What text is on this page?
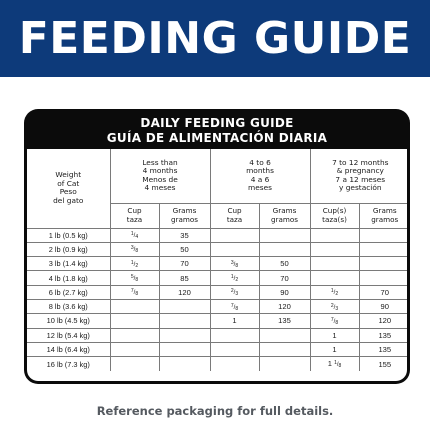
FEEDING GUIDE
DAILY FEEDING GUIDE
GUÍA DE ALIMENTACIÓN DIARIA
Weight
of Cat
Peso
del gato	Less than
4 months
Menos de
4 meses		4 to 6
months
4 a 6
meses		7 to 12 months
& pregnancy
7 a 12 meses
y gestación	

	Cup
taza	Grams
gramos	Cup
taza	Grams
gramos	Cup(s)
taza(s)	Grams
gramos
1 lb (0.5 kg)	$^1/_4$	35				
2 lb (0.9 kg)	$^3/_8$	50				
3 lb (1.4 kg)	$^1/_2$	70	$^3/_8$	50		
4 lb (1.8 kg)	$^5/_8$	85	$^1/_2$	70		
6 lb (2.7 kg)	$^7/_8$	120	$^2/_3$	90	$^1/_2$	70
8 lb (3.6 kg)			$^7/_8$	120	$^2/_3$	90
10 lb (4.5 kg)			1	135	$^7/_8$	120
12 lb (5.4 kg)					1	135
14 lb (6.4 kg)					1	135
16 lb (7.3 kg)					1 $^1/_8$	155
Reference packaging for full details.
